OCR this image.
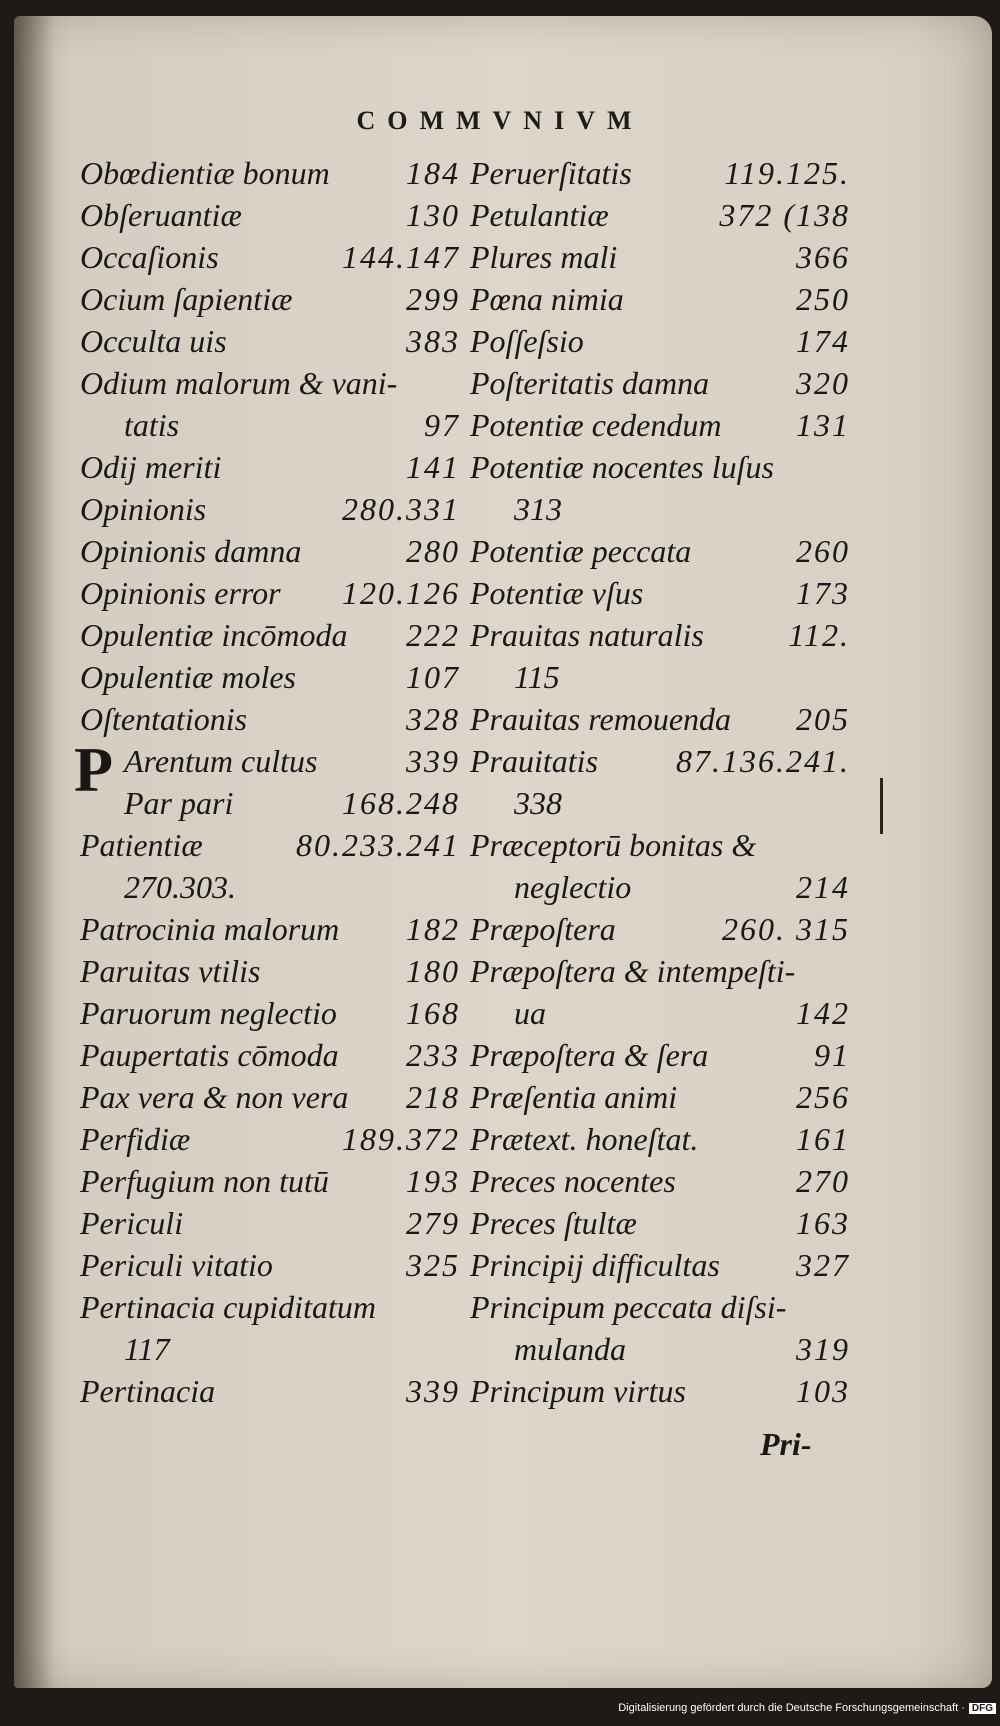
COMMVNIVM
Obœdientiæ bonum 184
Obſeruantiæ	130
Occaſionis	144.147
Ocium ſapientiæ	299
Occulta uis	383
Odium malorum & vani-
tatis	97
Odij meriti	141
Opinionis	280.331
Opinionis damna	280
Opinionis error 120.126
Opulentiæ incōmoda 222
Opulentiæ moles	107
Oſtentationis	328
P Arentum cultus	339
Par pari	168.248
Patientiæ	80.233.241
270.303.
Patrocinia malorum 182
Paruitas vtilis	180
Paruorum neglectio 168
Paupertatis cōmoda 233
Pax vera & non vera 218
Perfidiæ	189.372
Perfugium non tutū 193
Periculi	279
Periculi vitatio	325
Pertinacia cupiditatum
117
Pertinacia	339
Peruerſitatis	119.125.
Petulantiæ	372 (138
Plures mali	366
Pœna nimia	250
Poſſeſsio	174
Poſteritatis damna	320
Potentiæ cedendum 131
Potentiæ nocentes luſus
313
Potentiæ peccata	260
Potentiæ vſus	173
Prauitas naturalis	112.
115
Prauitas remouenda 205
Prauitatis 87.136.241.
338
Præceptorū bonitas &
neglectio	214
Præpoſtera	260. 315
Præpoſtera & intempeſti-
ua	142
Præpoſtera & ſera	91
Præſentia animi	256
Prætext. honeſtat.	161
Preces nocentes	270
Preces ſtultæ	163
Principij difficultas 327
Principum peccata diſsi-
mulanda	319
Principum virtus	103
Pri-
Digitalisierung gefördert durch die Deutsche Forschungsgemeinschaft · DFG
